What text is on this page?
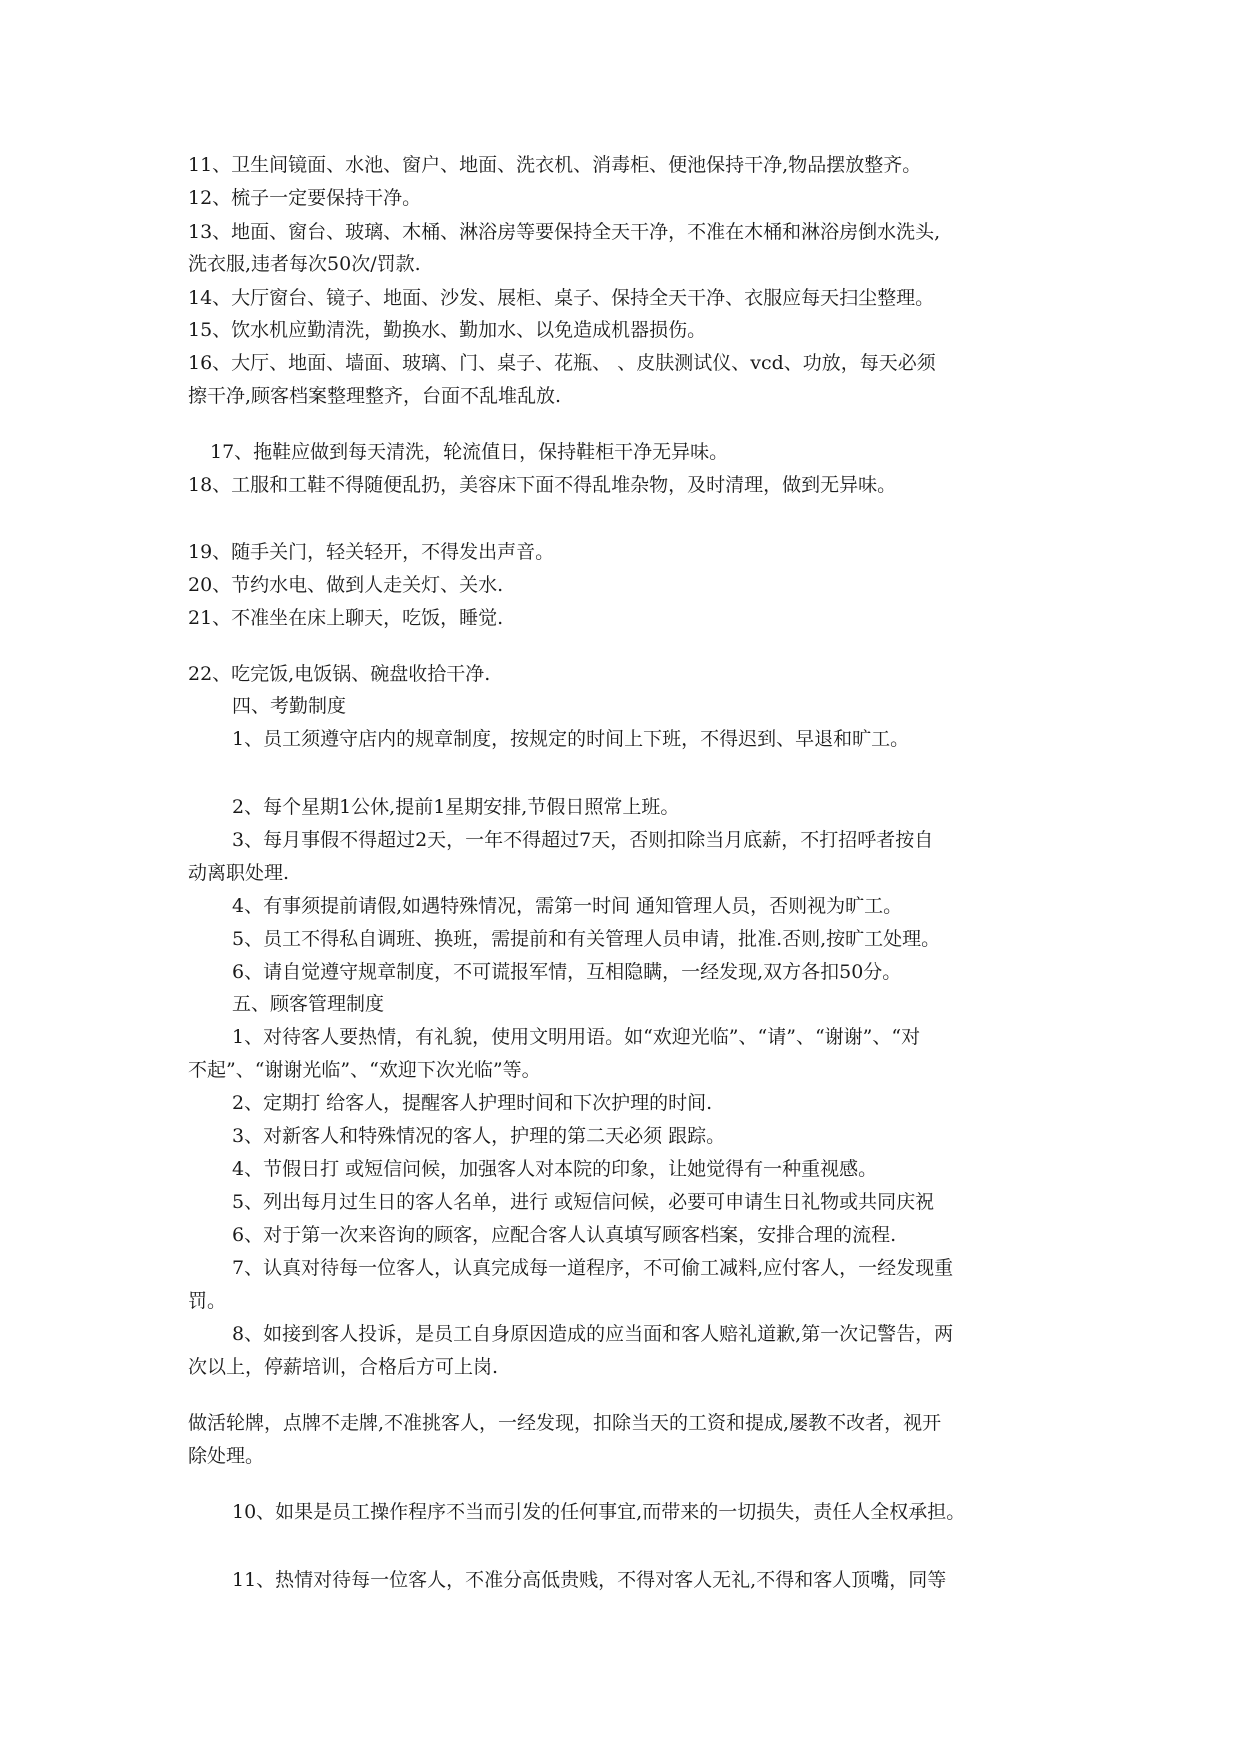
11、卫生间镜面、水池、窗户、地面、洗衣机、消毒柜、便池保持干净,物品摆放整齐。
12、梳子一定要保持干净。
13、地面、窗台、玻璃、木桶、淋浴房等要保持全天干净，不准在木桶和淋浴房倒水洗头,
洗衣服,违者每次50次/罚款.
14、大厅窗台、镜子、地面、沙发、展柜、桌子、保持全天干净、衣服应每天扫尘整理。
15、饮水机应勤清洗，勤换水、勤加水、以免造成机器损伤。
16、大厅、地面、墙面、玻璃、门、桌子、花瓶、 、皮肤测试仪、vcd、功放，每天必须
擦干净,顾客档案整理整齐，台面不乱堆乱放.
17、拖鞋应做到每天清洗，轮流值日，保持鞋柜干净无异味。
18、工服和工鞋不得随便乱扔，美容床下面不得乱堆杂物，及时清理，做到无异味。
19、随手关门，轻关轻开，不得发出声音。
20、节约水电、做到人走关灯、关水.
21、不准坐在床上聊天，吃饭，睡觉.
22、吃完饭,电饭锅、碗盘收拾干净.
四、考勤制度
1、员工须遵守店内的规章制度，按规定的时间上下班，不得迟到、早退和旷工。
2、每个星期1公休,提前1星期安排,节假日照常上班。
3、每月事假不得超过2天，一年不得超过7天，否则扣除当月底薪，不打招呼者按自
动离职处理.
4、有事须提前请假,如遇特殊情况，需第一时间 通知管理人员，否则视为旷工。
5、员工不得私自调班、换班，需提前和有关管理人员申请，批准.否则,按旷工处理。
6、请自觉遵守规章制度，不可谎报军情，互相隐瞒，一经发现,双方各扣50分。
五、顾客管理制度
1、对待客人要热情，有礼貌，使用文明用语。如“欢迎光临”、“请”、“谢谢”、“对
不起”、“谢谢光临”、“欢迎下次光临”等。
2、定期打 给客人，提醒客人护理时间和下次护理的时间.
3、对新客人和特殊情况的客人，护理的第二天必须 跟踪。
4、节假日打 或短信问候，加强客人对本院的印象，让她觉得有一种重视感。
5、列出每月过生日的客人名单，进行 或短信问候，必要可申请生日礼物或共同庆祝
6、对于第一次来咨询的顾客，应配合客人认真填写顾客档案，安排合理的流程.
7、认真对待每一位客人，认真完成每一道程序，不可偷工减料,应付客人，一经发现重
罚。
8、如接到客人投诉，是员工自身原因造成的应当面和客人赔礼道歉,第一次记警告，两
次以上，停薪培训，合格后方可上岗.
做活轮牌，点牌不走牌,不准挑客人，一经发现，扣除当天的工资和提成,屡教不改者，视开
除处理。
10、如果是员工操作程序不当而引发的任何事宜,而带来的一切损失，责任人全权承担。
11、热情对待每一位客人，不准分高低贵贱，不得对客人无礼,不得和客人顶嘴，同等
